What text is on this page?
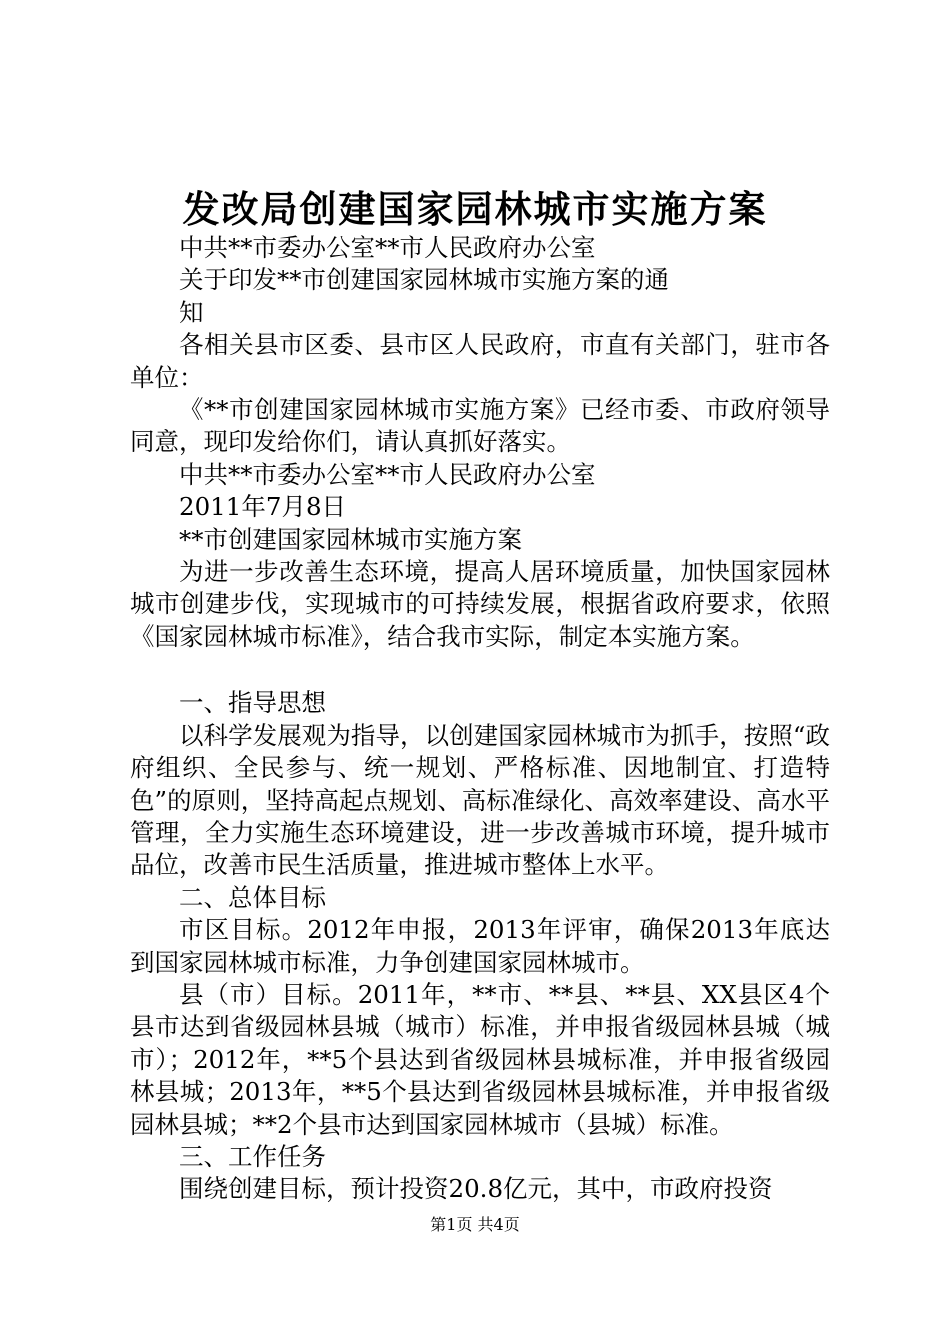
发改局创建国家园林城市实施方案

中共**市委办公室**市人民政府办公室

关于印发**市创建国家园林城市实施方案的通

知

各相关县市区委、县市区人民政府，市直有关部门，驻市各单位：

《**市创建国家园林城市实施方案》已经市委、市政府领导同意，现印发给你们，请认真抓好落实。

中共**市委办公室**市人民政府办公室

2011年7月8日

**市创建国家园林城市实施方案

为进一步改善生态环境，提高人居环境质量，加快国家园林城市创建步伐，实现城市的可持续发展，根据省政府要求，依照《国家园林城市标准》，结合我市实际，制定本实施方案。

一、指导思想

以科学发展观为指导，以创建国家园林城市为抓手，按照“政府组织、全民参与、统一规划、严格标准、因地制宜、打造特色”的原则，坚持高起点规划、高标准绿化、高效率建设、高水平管理，全力实施生态环境建设，进一步改善城市环境，提升城市品位，改善市民生活质量，推进城市整体上水平。

二、总体目标

市区目标。2012年申报，2013年评审，确保2013年底达到国家园林城市标准，力争创建国家园林城市。

县（市）目标。2011年，**市、**县、**县、XX县区4个县市达到省级园林县城（城市）标准，并申报省级园林县城（城市）；2012年，**5个县达到省级园林县城标准，并申报省级园林县城；2013年，**5个县达到省级园林县城标准，并申报省级园林县城；**2个县市达到国家园林城市（县城）标准。

三、工作任务

围绕创建目标，预计投资20.8亿元，其中，市政府投资

第1页 共4页
